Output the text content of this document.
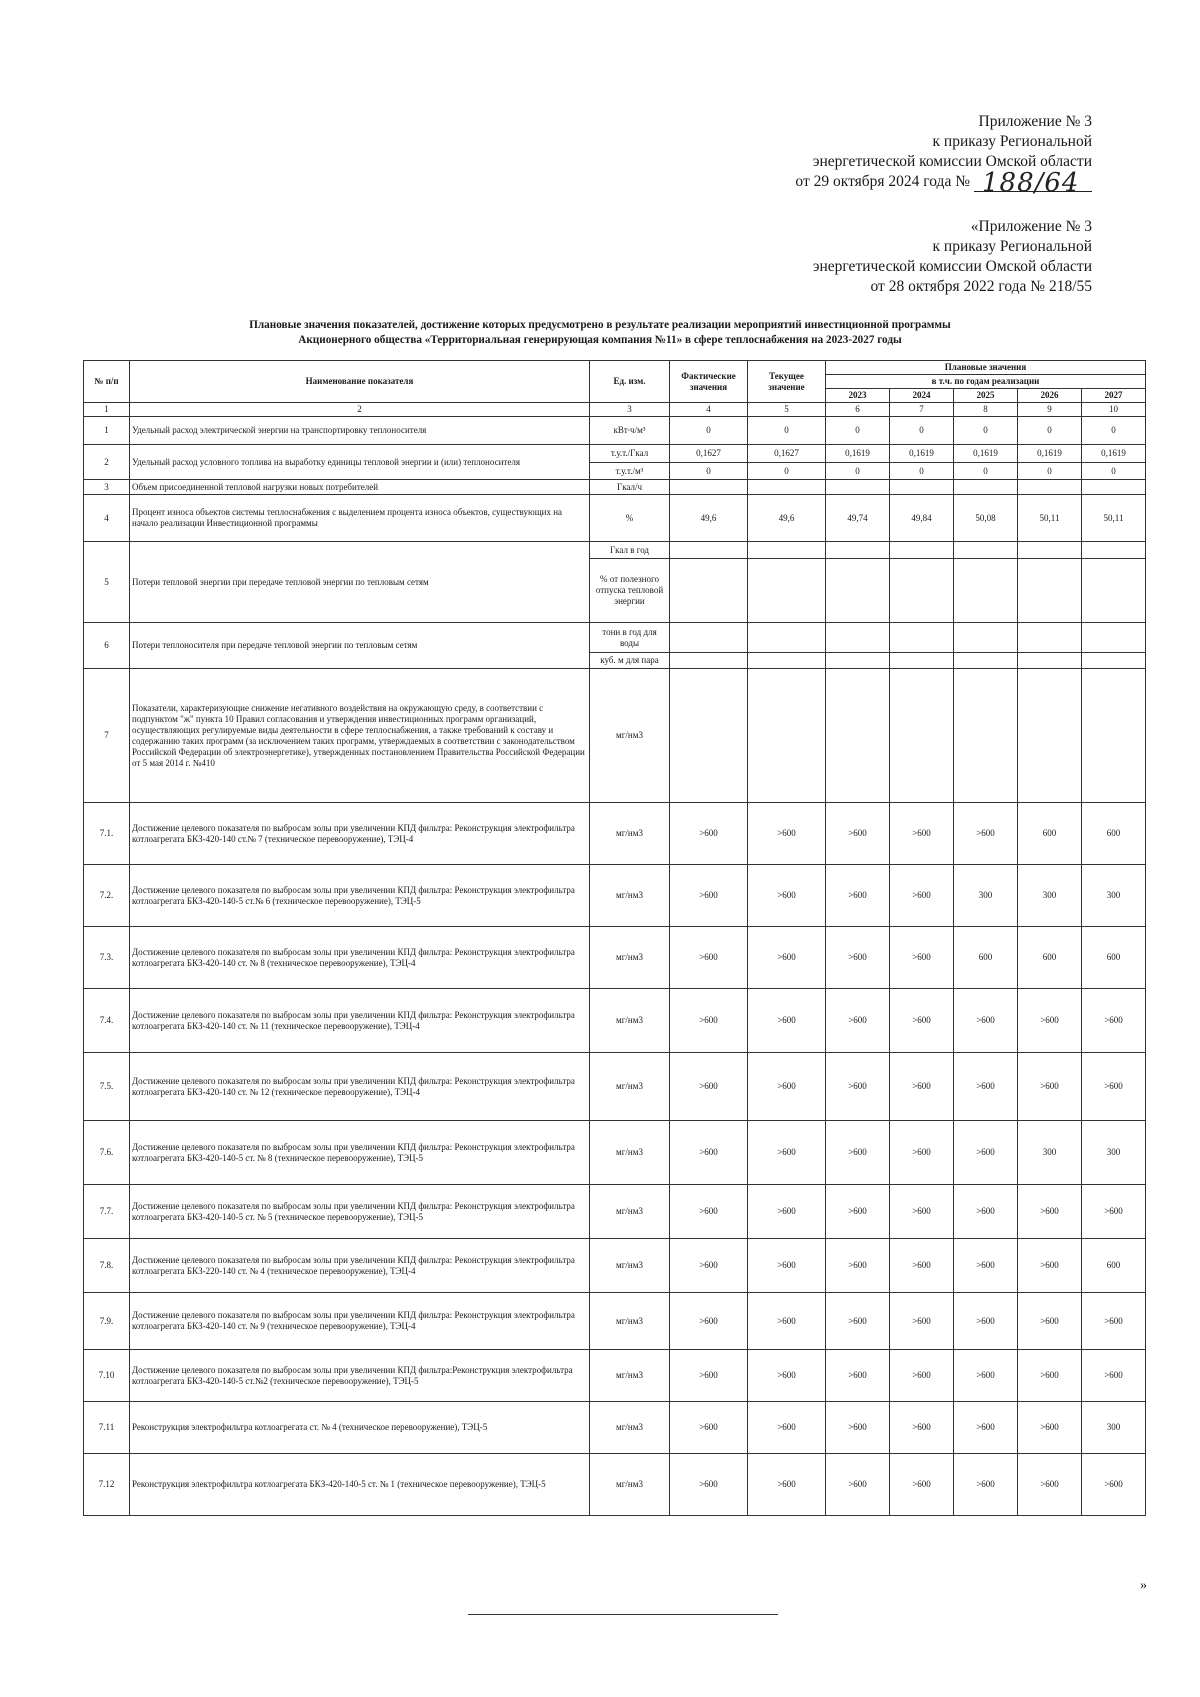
Приложение № 3
к приказу Региональной
энергетической комиссии Омской области
от 29 октября 2024 года № 188/64
«Приложение № 3
к приказу Региональной
энергетической комиссии Омской области
от 28 октября 2022 года № 218/55
Плановые значения показателей, достижение которых предусмотрено в результате реализации мероприятий инвестиционной программы
Акционерного общества «Территориальная генерирующая компания №11» в сфере теплоснабжения на 2023-2027 годы
№ п/п	Наименование показателя	Ед. изм.	Фактические значения	Текущее значение	Плановые значения				
					в т.ч. по годам реализации				
					2023	2024	2025	2026	2027
1	2	3	4	5	6	7	8	9	10
1	Удельный расход электрической энергии на транспортировку теплоносителя	кВт∙ч/м³	0	0	0	0	0	0	0
2	Удельный расход условного топлива на выработку единицы тепловой энергии и (или) теплоносителя	т.у.т./Гкал	0,1627	0,1627	0,1619	0,1619	0,1619	0,1619	0,1619
		т.у.т./м³	0	0	0	0	0	0	0
3	Объем присоединенной тепловой нагрузки новых потребителей	Гкал/ч							
4	Процент износа объектов системы теплоснабжения с выделением процента износа объектов, существующих на начало реализации Инвестиционной программы	%	49,6	49,6	49,74	49,84	50,08	50,11	50,11
5	Потери тепловой энергии при передаче тепловой энергии по тепловым сетям	Гкал в год							
		% от полезного отпуска тепловой энергии							
6	Потери теплоносителя при передаче тепловой энергии по тепловым сетям	тонн в год для воды							
		куб. м для пара							
7	Показатели, характеризующие снижение негативного воздействия на окружающую среду, в соответствии с подпунктом "ж" пункта 10 Правил согласования и утверждения инвестиционных программ организаций, осуществляющих регулируемые виды деятельности в сфере теплоснабжения, а также требований к составу и содержанию таких программ (за исключением таких программ, утверждаемых в соответствии с законодательством Российской Федерации об электроэнергетике), утвержденных постановлением Правительства Российской Федерации от 5 мая 2014 г. №410	мг/нм3							
7.1.	Достижение целевого показателя по выбросам золы при увеличении КПД фильтра: Реконструкция электрофильтра котлоагрегата БКЗ-420-140 ст.№ 7 (техническое перевооружение), ТЭЦ-4	мг/нм3	>600	>600	>600	>600	>600	600	600
7.2.	Достижение целевого показателя по выбросам золы при увеличении КПД фильтра: Реконструкция электрофильтра котлоагрегата БКЗ-420-140-5 ст.№ 6 (техническое перевооружение), ТЭЦ-5	мг/нм3	>600	>600	>600	>600	300	300	300
7.3.	Достижение целевого показателя по выбросам золы при увеличении КПД фильтра: Реконструкция электрофильтра котлоагрегата БКЗ-420-140 ст. № 8 (техническое перевооружение), ТЭЦ-4	мг/нм3	>600	>600	>600	>600	600	600	600
7.4.	Достижение целевого показателя по выбросам золы при увеличении КПД фильтра: Реконструкция электрофильтра котлоагрегата БКЗ-420-140 ст. № 11 (техническое перевооружение), ТЭЦ-4	мг/нм3	>600	>600	>600	>600	>600	>600	>600
7.5.	Достижение целевого показателя по выбросам золы при увеличении КПД фильтра: Реконструкция электрофильтра котлоагрегата БКЗ-420-140 ст. № 12 (техническое перевооружение), ТЭЦ-4	мг/нм3	>600	>600	>600	>600	>600	>600	>600
7.6.	Достижение целевого показателя по выбросам золы при увеличении КПД фильтра: Реконструкция электрофильтра котлоагрегата БКЗ-420-140-5 ст. № 8 (техническое перевооружение), ТЭЦ-5	мг/нм3	>600	>600	>600	>600	>600	300	300
7.7.	Достижение целевого показателя по выбросам золы при увеличении КПД фильтра: Реконструкция электрофильтра котлоагрегата БКЗ-420-140-5 ст. № 5 (техническое перевооружение), ТЭЦ-5	мг/нм3	>600	>600	>600	>600	>600	>600	>600
7.8.	Достижение целевого показателя по выбросам золы при увеличении КПД фильтра: Реконструкция электрофильтра котлоагрегата БКЗ-220-140 ст. № 4 (техническое перевооружение), ТЭЦ-4	мг/нм3	>600	>600	>600	>600	>600	>600	600
7.9.	Достижение целевого показателя по выбросам золы при увеличении КПД фильтра: Реконструкция электрофильтра котлоагрегата БКЗ-420-140 ст. № 9 (техническое перевооружение), ТЭЦ-4	мг/нм3	>600	>600	>600	>600	>600	>600	>600
7.10	Достижение целевого показателя по выбросам золы при увеличении КПД фильтра:Реконструкция электрофильтра котлоагрегата БКЗ-420-140-5 ст.№2 (техническое перевооружение), ТЭЦ-5	мг/нм3	>600	>600	>600	>600	>600	>600	>600
7.11	Реконструкция электрофильтра котлоагрегата ст. № 4 (техническое перевооружение), ТЭЦ-5	мг/нм3	>600	>600	>600	>600	>600	>600	300
7.12	Реконструкция электрофильтра котлоагрегата БКЗ-420-140-5 ст. № 1 (техническое перевооружение), ТЭЦ-5	мг/нм3	>600	>600	>600	>600	>600	>600	>600
»
